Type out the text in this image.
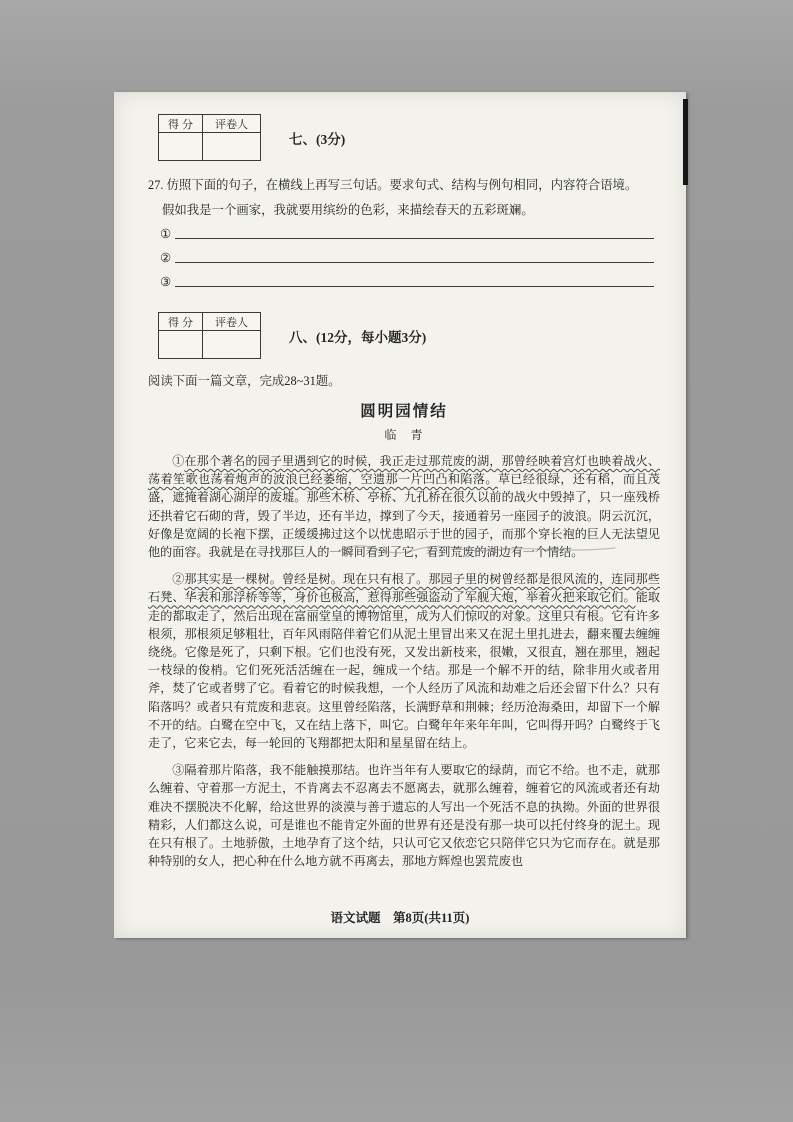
得 分	评卷人

七、(3分)

27. 仿照下面的句子，在横线上再写三句话。要求句式、结构与例句相同，内容符合语境。

假如我是一个画家，我就要用缤纷的色彩，来描绘春天的五彩斑斓。

①
②
③
得 分	评卷人

八、(12分，每小题3分)

阅读下面一篇文章，完成28~31题。

圆明园情结
临　青

①在那个著名的园子里遇到它的时候，我正走过那荒废的湖，那曾经映着宫灯也映着战火、荡着笙歌也荡着炮声的波浪已经萎缩，空遗那一片凹凸和陷落。草已经很绿，还有稻，而且茂盛，遮掩着湖心湖岸的废墟。那些木桥、亭桥、九孔桥在很久以前的战火中毁掉了，只一座残桥还拱着它石砌的背，毁了半边，还有半边，撑到了今天，接通着另一座园子的波浪。阴云沉沉，好像是宽阔的长袍下摆，正缓缓拂过这个以忧患昭示于世的园子，而那个穿长袍的巨人无法望见他的面容。我就是在寻找那巨人的一瞬间看到了它，看到荒废的湖边有一个情结。

②那其实是一棵树。曾经是树。现在只有根了。那园子里的树曾经都是很风流的，连同那些石凳、华表和那浮桥等等，身价也极高，惹得那些强盗动了军舰大炮，举着火把来取它们。能取走的都取走了，然后出现在富丽堂皇的博物馆里，成为人们惊叹的对象。这里只有根。它有许多根须，那根须足够粗壮，百年风雨陪伴着它们从泥土里冒出来又在泥土里扎进去，翻来覆去缠缠绕绕。它像是死了，只剩下根。它们也没有死，又发出新枝来，很嫩，又很直，翘在那里，翘起一枝绿的俊梢。它们死死活活缠在一起，缠成一个结。那是一个解不开的结，除非用火或者用斧，焚了它或者劈了它。看着它的时候我想，一个人经历了风流和劫难之后还会留下什么？只有陷落吗？或者只有荒废和悲哀。这里曾经陷落，长满野草和荆棘；经历沧海桑田，却留下一个解不开的结。白鹭在空中飞，又在结上落下，叫它。白鹭年年来年年叫，它叫得开吗？白鹭终于飞走了，它来它去，每一轮回的飞翔都把太阳和星星留在结上。

③隔着那片陷落，我不能触摸那结。也许当年有人要取它的绿荫，而它不给。也不走，就那么缠着、守着那一方泥土，不肯离去不忍离去不愿离去，就那么缠着，缠着它的风流或者还有劫难决不摆脱决不化解，给这世界的淡漠与善于遗忘的人写出一个死活不息的执拗。外面的世界很精彩，人们都这么说，可是谁也不能肯定外面的世界有还是没有那一块可以托付终身的泥土。现在只有根了。土地骄傲，土地孕育了这个结，只认可它又依恋它只陪伴它只为它而存在。就是那种特别的女人，把心种在什么地方就不再离去，那地方辉煌也罢荒废也

语文试题　第8页(共11页)
